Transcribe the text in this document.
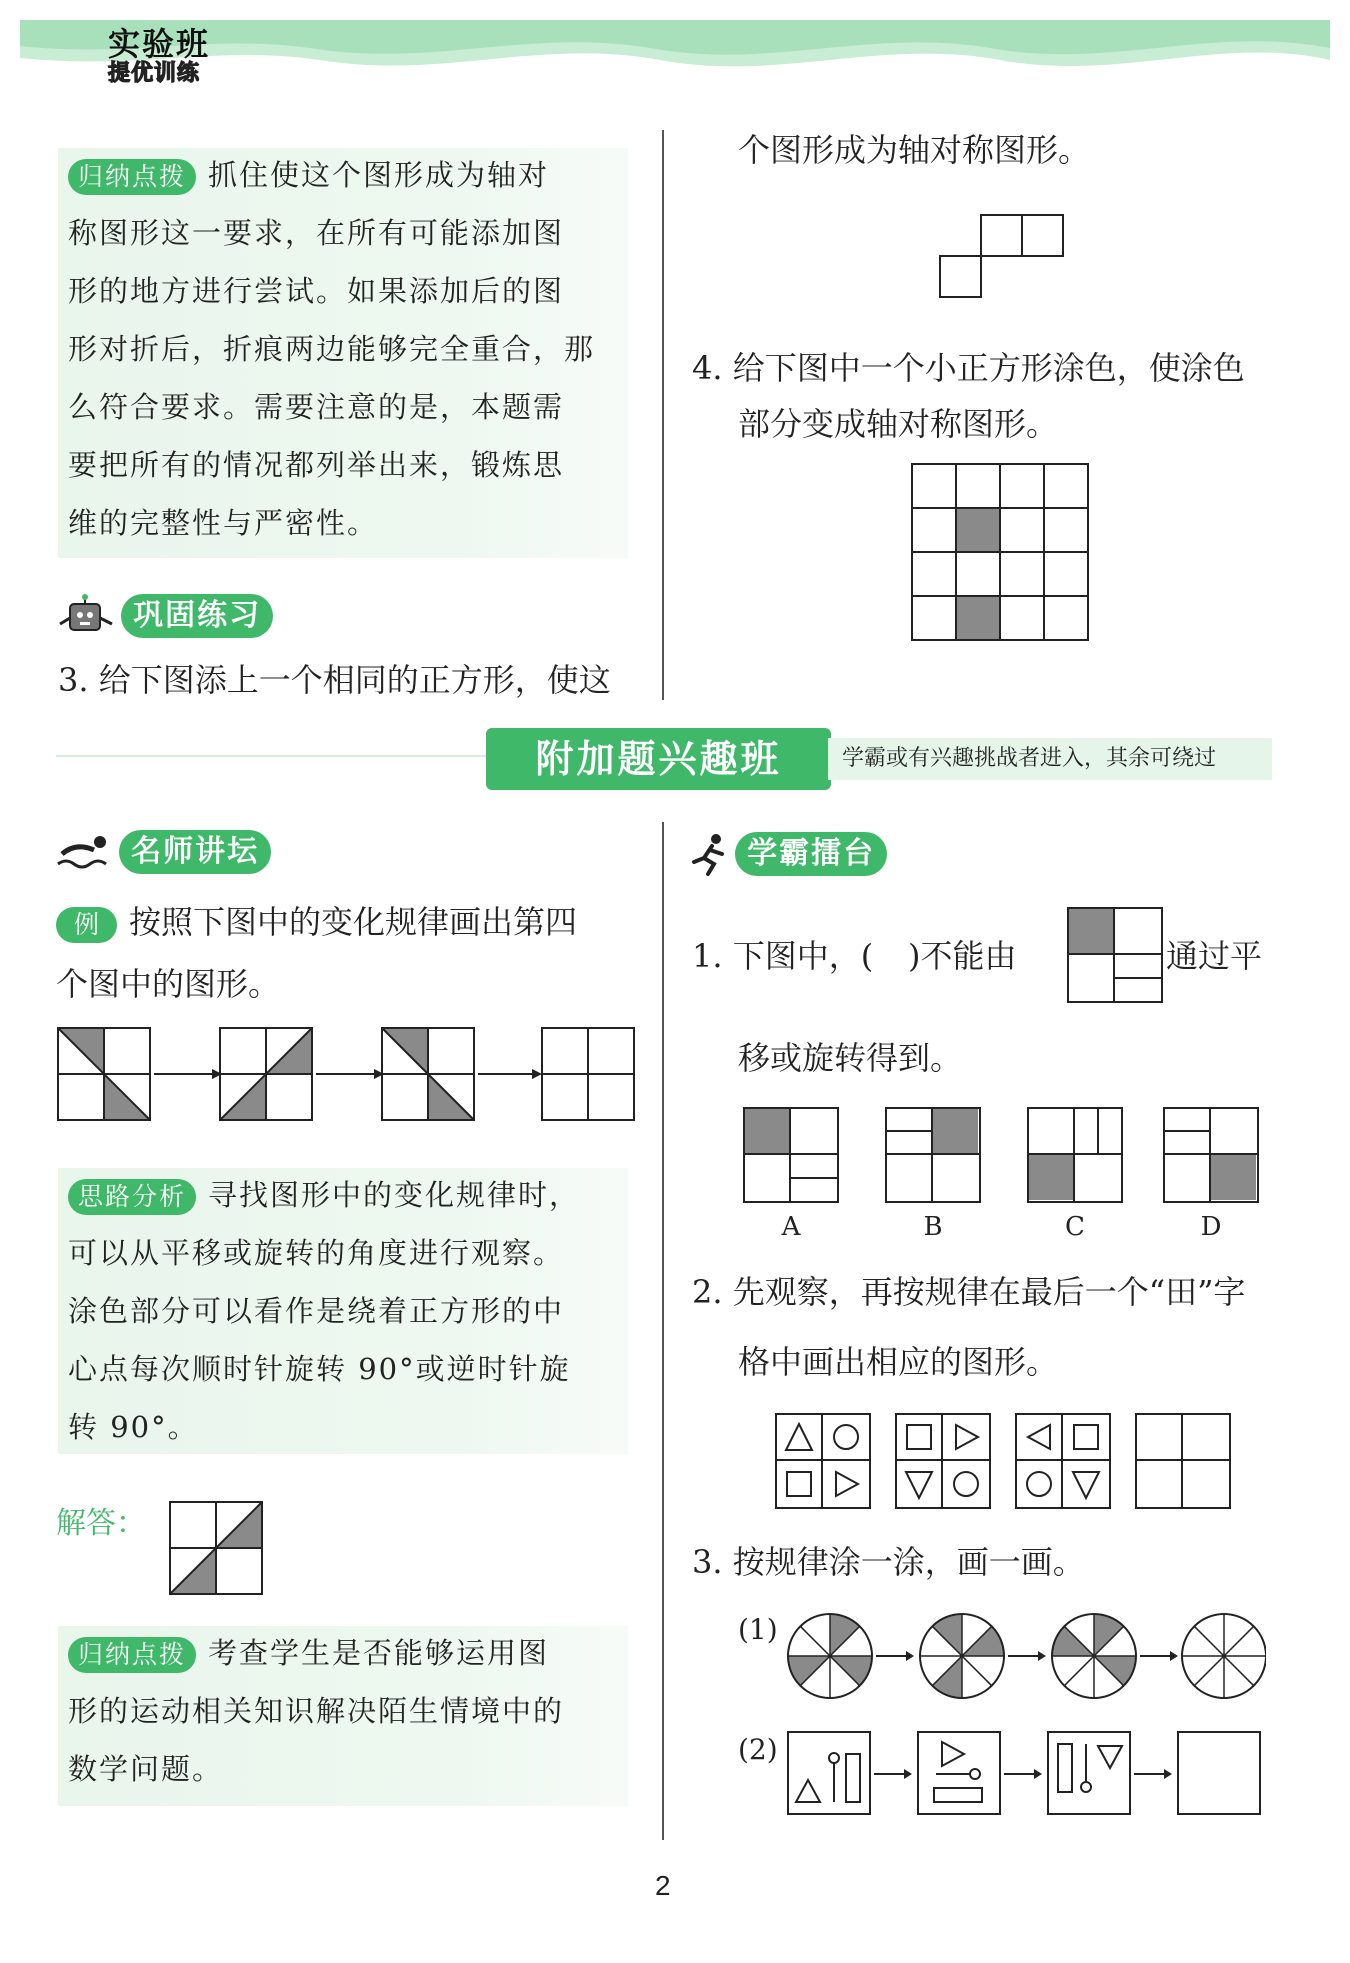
实验班
提优训练
归纳点拨 抓住使这个图形成为轴对
称图形这一要求，在所有可能添加图
形的地方进行尝试。如果添加后的图
形对折后，折痕两边能够完全重合，那
么符合要求。需要注意的是，本题需
要把所有的情况都列举出来，锻炼思
维的完整性与严密性。
巩固练习
3. 给下图添上一个相同的正方形，使这
个图形成为轴对称图形。
4. 给下图中一个小正方形涂色，使涂色
部分变成轴对称图形。
附加题兴趣班	学霸或有兴趣挑战者进入，其余可绕过
名师讲坛
例 按照下图中的变化规律画出第四
个图中的图形。
思路分析 寻找图形中的变化规律时，
可以从平移或旋转的角度进行观察。
涂色部分可以看作是绕着正方形的中
心点每次顺时针旋转 90°或逆时针旋
转 90°。
解答：
归纳点拨 考查学生是否能够运用图
形的运动相关知识解决陌生情境中的
数学问题。
学霸擂台
1. 下图中，( )不能由	通过平
移或旋转得到。
A	B	C	D
2. 先观察，再按规律在最后一个“田”字
格中画出相应的图形。
3. 按规律涂一涂，画一画。
(1)
(2)
2
